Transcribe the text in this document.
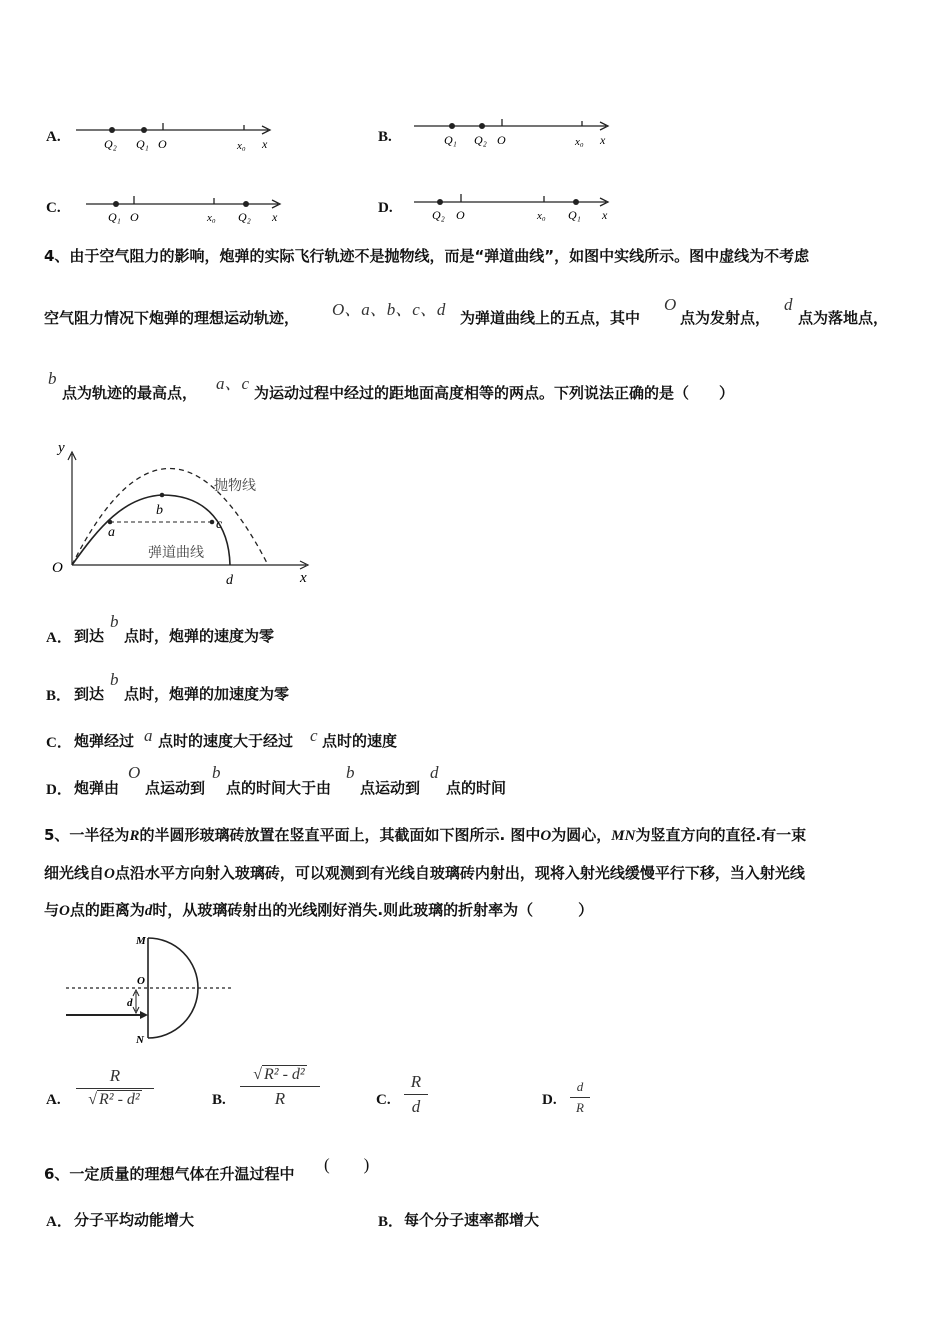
A.	Q₂ Q₁ O	x₀ x	B.	Q₁ Q₂ O	x₀ x
C.
Q₁ O	x₀ Q₂ x
D.	Q₂ O	x₀ Q₁ x
4、由于空气阻力的影响，炮弹的实际飞行轨迹不是抛物线，而是“弹道曲线”，如图中实线所示。图中虚线为不考虑
空气阻力情况下炮弹的理想运动轨迹， O、a、b、c、d 为弹道曲线上的五点，其中
O
点为发射点，
d
点为落地点，
b
点为轨迹的最高点， a、c 为运动过程中经过的距地面高度相等的两点。下列说法正确的是（　　）
y
x
O
a
b
c
d
抛物线
弹道曲线
A． 到达
b
点时，炮弹的速度为零
B． 到达
b
点时，炮弹的加速度为零
C． 炮弹经过 a 点时的速度大于经过 c 点时的速度
D． 炮弹由
O
点运动到
b
点的时间大于由
b
点运动到
d
点的时间
5、一半径为R的半圆形玻璃砖放置在竖直平面上，其截面如下图所示. 图中O为圆心，MN为竖直方向的直径.有一束
细光线自O点沿水平方向射入玻璃砖，可以观测到有光线自玻璃砖内射出，现将入射光线缓慢平行下移，当入射光线
与O点的距离为d时，从玻璃砖射出的光线刚好消失.则此玻璃的折射率为（　　　）
M
O
d
N
A.
R
√ R² - d²	B.
√ R² - d²
R	C.
R
d	D.
d
R
6、一定质量的理想气体在升温过程中 (　　)
A． 分子平均动能增大	B． 每个分子速率都增大
